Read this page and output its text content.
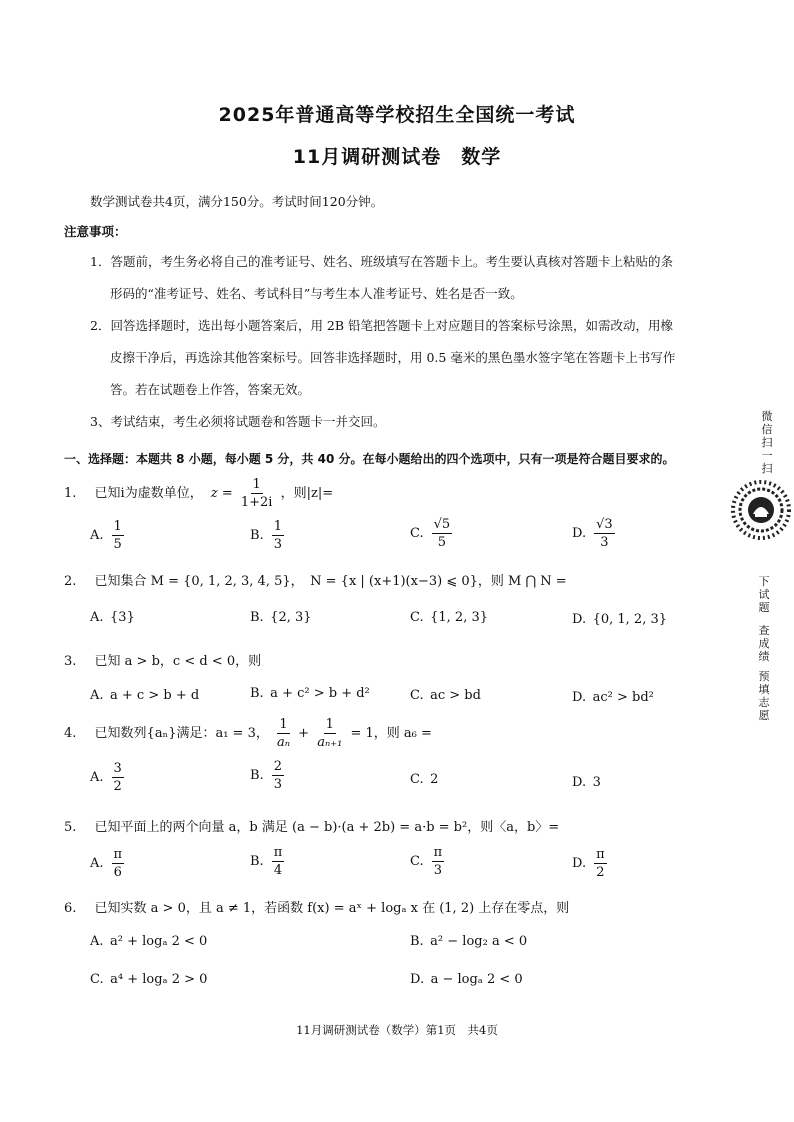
2025年普通高等学校招生全国统一考试
11月调研测试卷　数学
数学测试卷共4页，满分150分。考试时间120分钟。
注意事项：
1．答题前，考生务必将自己的准考证号、姓名、班级填写在答题卡上。考生要认真核对答题卡上粘贴的条
形码的“准考证号、姓名、考试科目”与考生本人准考证号、姓名是否一致。
2．回答选择题时，选出每小题答案后，用 2B 铅笔把答题卡上对应题目的答案标号涂黑，如需改动，用橡
皮擦干净后，再选涂其他答案标号。回答非选择题时，用 0.5 毫米的黑色墨水签字笔在答题卡上书写作
答。若在试题卷上作答，答案无效。
3、考试结束，考生必须将试题卷和答题卡一并交回。
一、选择题：本题共 8 小题，每小题 5 分，共 40 分。在每小题给出的四个选项中，只有一项是符合题目要求的。
1. 已知i为虚数单位， $z = \frac{1}{1+2i}$ ，则|z|=
A. $\frac{1}{5}$	B. $\frac{1}{3}$	C. $\frac{√5}{5}$	D. $\frac{√3}{3}$
2. 已知集合 M = {0, 1, 2, 3, 4, 5}，　N = {x | (x+1)(x−3) ⩽ 0}，则 M ⋂ N =
A. {3}	B. {2, 3}	C. {1, 2, 3}	D. {0, 1, 2, 3}
3. 已知 a > b，c < d < 0，则
A. a + c > b + d	B. a + c² > b + d²	C. ac > bd	D. ac² > bd²
4. 已知数列{aₙ}满足：a₁ = 3， $\frac{1}{\text{aₙ}} + \frac{1}{\text{aₙ₊₁}} = 1$，则 a₆ =
A. $\frac{3}{2}$	B. $\frac{2}{3}$	C. 2	D. 3
5. 已知平面上的两个向量 a，b 满足 (a − b)·(a + 2b) = a·b = b²，则〈a，b〉=
A. $\frac{\pi}{6}$	B. $\frac{\pi}{4}$	C. $\frac{\pi}{3}$	D. $\frac{\pi}{2}$
6. 已知实数 a > 0，且 a ≠ 1，若函数 f(x) = aˣ + logₐ x 在 (1, 2) 上存在零点，则
A. a² + logₐ 2 < 0	B. a² − log₂ a < 0
C. a⁴ + logₐ 2 > 0	D. a − logₐ 2 < 0
微信扫一扫
下试题
查成绩
预填志愿
11月调研测试卷（数学）第1页　共4页
